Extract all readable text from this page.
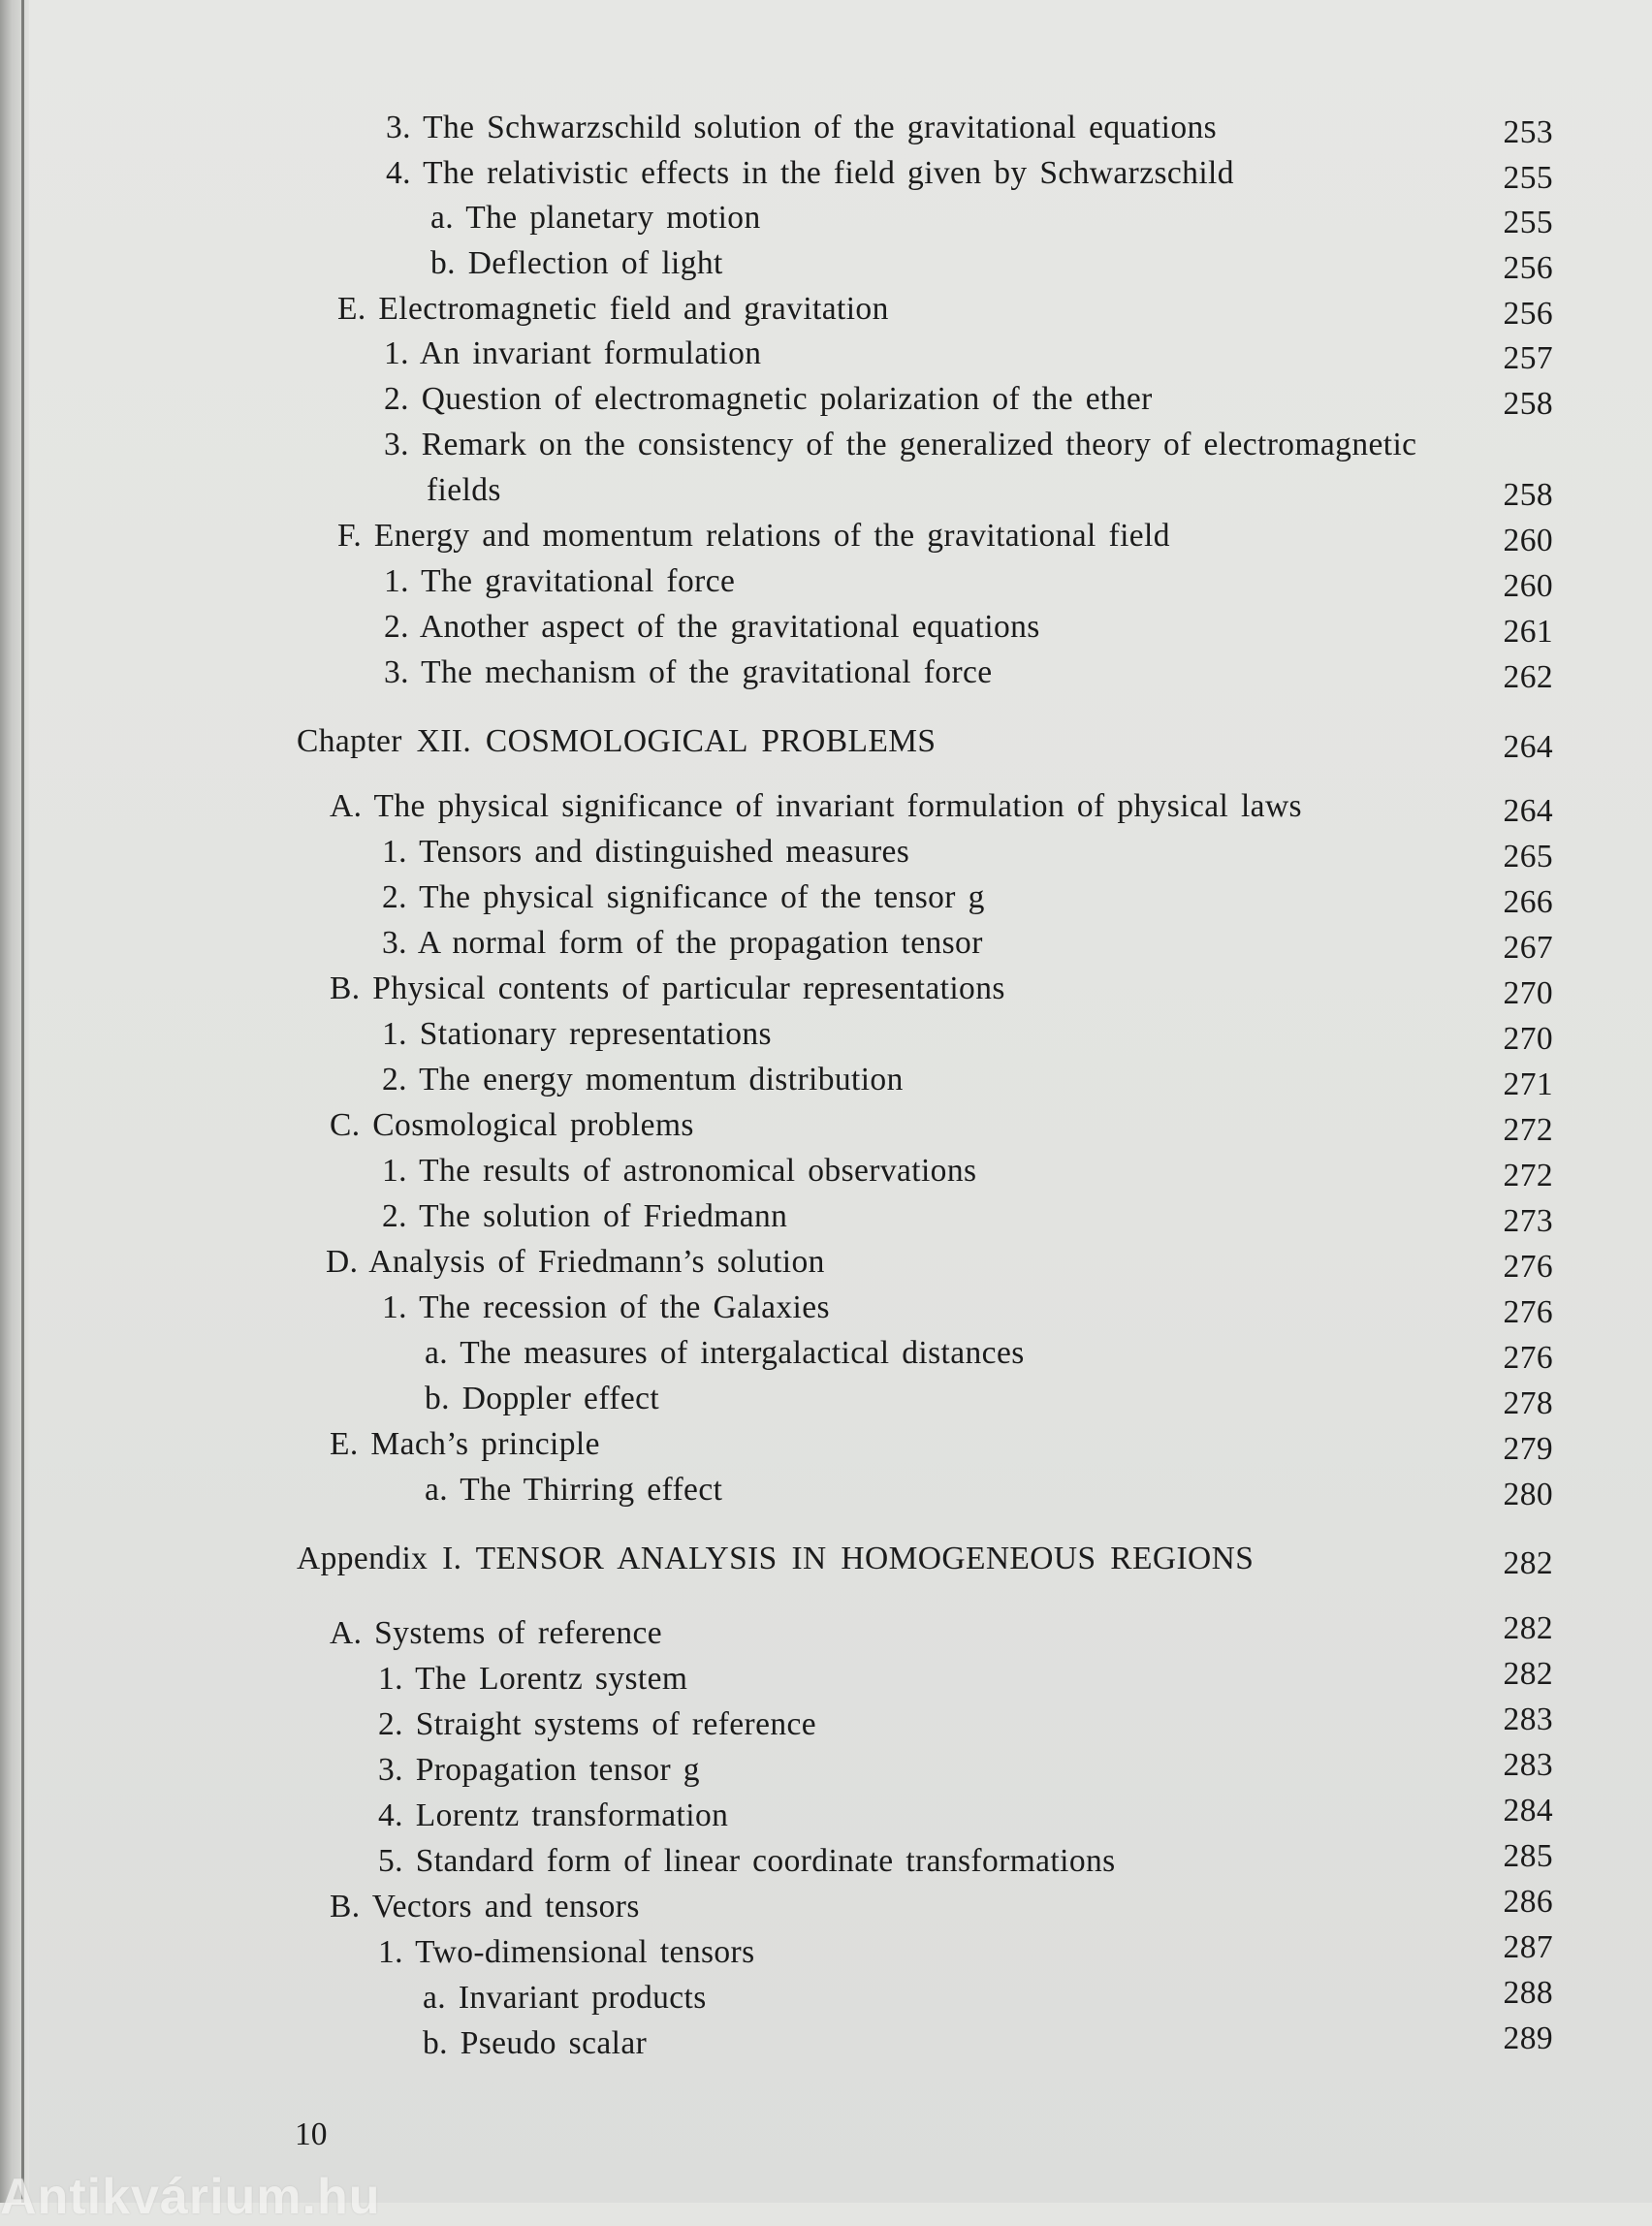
3. The Schwarzschild solution of the gravitational equations	253
4. The relativistic effects in the field given by Schwarzschild	255
a. The planetary motion	255
b. Deflection of light	256
E. Electromagnetic field and gravitation	256
1. An invariant formulation	257
2. Question of electromagnetic polarization of the ether	258
3. Remark on the consistency of the generalized theory of electromagnetic
fields	258
F. Energy and momentum relations of the gravitational field	260
1. The gravitational force	260
2. Another aspect of the gravitational equations	261
3. The mechanism of the gravitational force	262
Chapter XII. COSMOLOGICAL PROBLEMS	264
A. The physical significance of invariant formulation of physical laws	264
1. Tensors and distinguished measures	265
2. The physical significance of the tensor g	266
3. A normal form of the propagation tensor	267
B. Physical contents of particular representations	270
1. Stationary representations	270
2. The energy momentum distribution	271
C. Cosmological problems	272
1. The results of astronomical observations	272
2. The solution of Friedmann	273
D. Analysis of Friedmann’s solution	276
1. The recession of the Galaxies	276
a. The measures of intergalactical distances	276
b. Doppler effect	278
E. Mach’s principle	279
a. The Thirring effect	280
Appendix I. TENSOR ANALYSIS IN HOMOGENEOUS REGIONS	282
A. Systems of reference	282
1. The Lorentz system	282
2. Straight systems of reference	283
3. Propagation tensor g	283
4. Lorentz transformation	284
5. Standard form of linear coordinate transformations	285
B. Vectors and tensors	286
1. Two-dimensional tensors	287
a. Invariant products	288
b. Pseudo scalar	289
10
Antikvárium.hu
